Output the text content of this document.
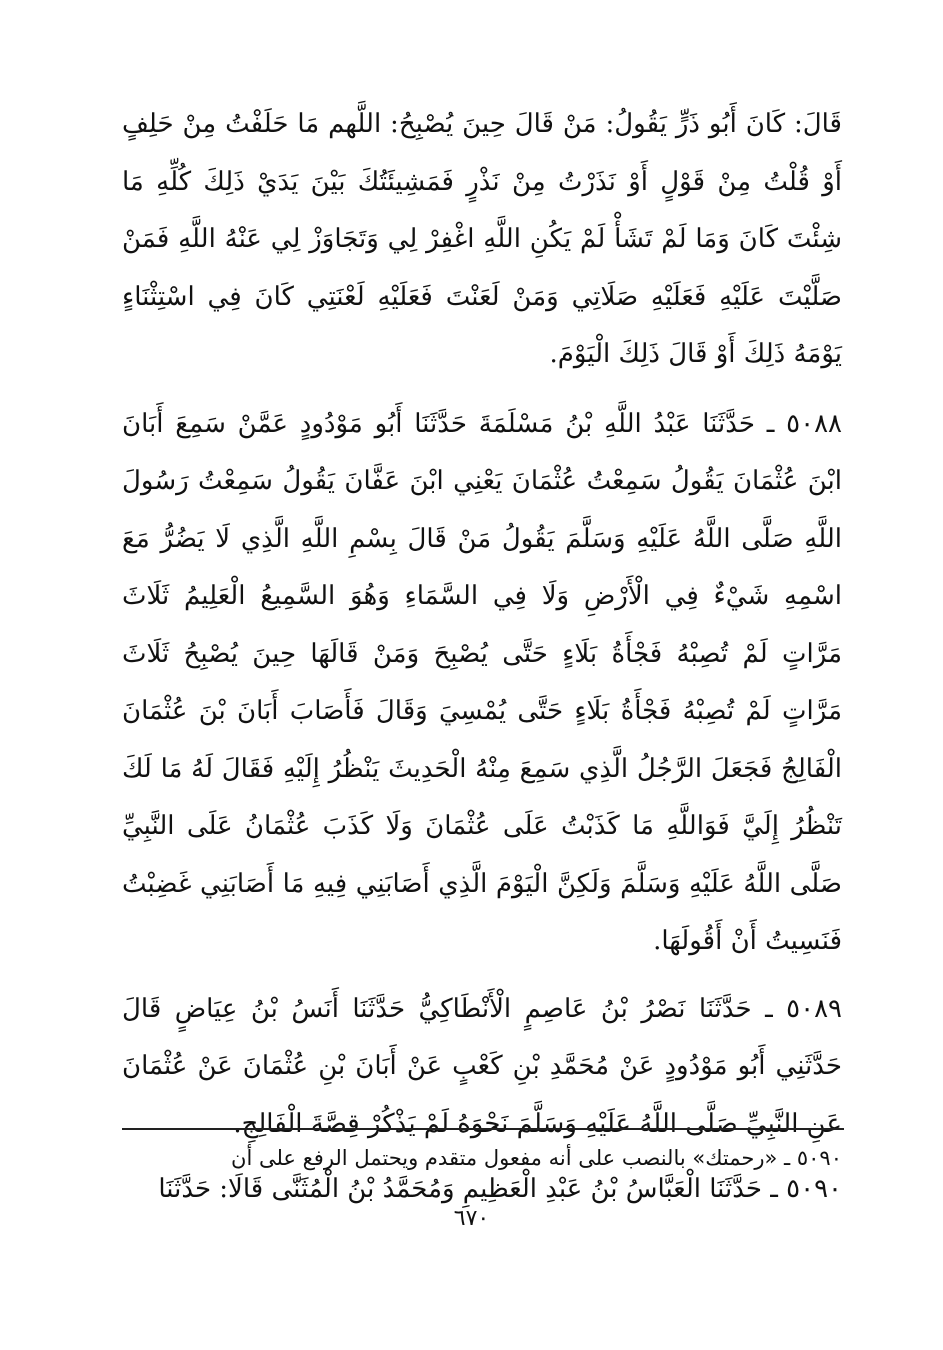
قَالَ: كَانَ أَبُو ذَرٍّ يَقُولُ: مَنْ قَالَ حِينَ يُصْبِحُ: اللَّهم مَا حَلَفْتُ مِنْ حَلِفٍ أَوْ قُلْتُ مِنْ قَوْلٍ أَوْ نَذَرْتُ مِنْ نَذْرٍ فَمَشِيئَتُكَ بَيْنَ يَدَيْ ذَلِكَ كُلِّهِ مَا شِئْتَ كَانَ وَمَا لَمْ تَشَأْ لَمْ يَكُنِ اللَّهِ اغْفِرْ لِي وَتَجَاوَزْ لِي عَنْهُ اللَّهِ فَمَنْ صَلَّيْتَ عَلَيْهِ فَعَلَيْهِ صَلَاتِي وَمَنْ لَعَنْتَ فَعَلَيْهِ لَعْنَتِي كَانَ فِي اسْتِثْنَاءٍ يَوْمَهُ ذَلِكَ أَوْ قَالَ ذَلِكَ الْيَوْمَ.

٥٠٨٨ ـ حَدَّثَنَا عَبْدُ اللَّهِ بْنُ مَسْلَمَةَ حَدَّثَنَا أَبُو مَوْدُودٍ عَمَّنْ سَمِعَ أَبَانَ ابْنَ عُثْمَانَ يَقُولُ سَمِعْتُ عُثْمَانَ يَعْنِي ابْنَ عَفَّانَ يَقُولُ سَمِعْتُ رَسُولَ اللَّهِ صَلَّى اللَّهُ عَلَيْهِ وَسَلَّمَ يَقُولُ مَنْ قَالَ بِسْمِ اللَّهِ الَّذِي لَا يَضُرُّ مَعَ اسْمِهِ شَيْءٌ فِي الْأَرْضِ وَلَا فِي السَّمَاءِ وَهُوَ السَّمِيعُ الْعَلِيمُ ثَلَاثَ مَرَّاتٍ لَمْ تُصِبْهُ فَجْأَةُ بَلَاءٍ حَتَّى يُصْبِحَ وَمَنْ قَالَهَا حِينَ يُصْبِحُ ثَلَاثَ مَرَّاتٍ لَمْ تُصِبْهُ فَجْأَةُ بَلَاءٍ حَتَّى يُمْسِيَ وَقَالَ فَأَصَابَ أَبَانَ بْنَ عُثْمَانَ الْفَالِجُ فَجَعَلَ الرَّجُلُ الَّذِي سَمِعَ مِنْهُ الْحَدِيثَ يَنْظُرُ إِلَيْهِ فَقَالَ لَهُ مَا لَكَ تَنْظُرُ إِلَيَّ فَوَاللَّهِ مَا كَذَبْتُ عَلَى عُثْمَانَ وَلَا كَذَبَ عُثْمَانُ عَلَى النَّبِيِّ صَلَّى اللَّهُ عَلَيْهِ وَسَلَّمَ وَلَكِنَّ الْيَوْمَ الَّذِي أَصَابَنِي فِيهِ مَا أَصَابَنِي غَضِبْتُ فَنَسِيتُ أَنْ أَقُولَهَا.

٥٠٨٩ ـ حَدَّثَنَا نَصْرُ بْنُ عَاصِمٍ الْأَنْطَاكِيُّ حَدَّثَنَا أَنَسُ بْنُ عِيَاضٍ قَالَ حَدَّثَنِي أَبُو مَوْدُودٍ عَنْ مُحَمَّدِ بْنِ كَعْبٍ عَنْ أَبَانَ بْنِ عُثْمَانَ عَنْ عُثْمَانَ عَنِ النَّبِيِّ صَلَّى اللَّهُ عَلَيْهِ وَسَلَّمَ نَحْوَهُ لَمْ يَذْكُرْ قِصَّةَ الْفَالِجِ.

٥٠٩٠ ـ حَدَّثَنَا الْعَبَّاسُ بْنُ عَبْدِ الْعَظِيمِ وَمُحَمَّدُ بْنُ الْمُثَنَّى قَالَا: حَدَّثَنَا

٥٠٩٠ ـ «رحمتك» بالنصب على أنه مفعول متقدم ويحتمل الرفع على أن
٦٧٠
